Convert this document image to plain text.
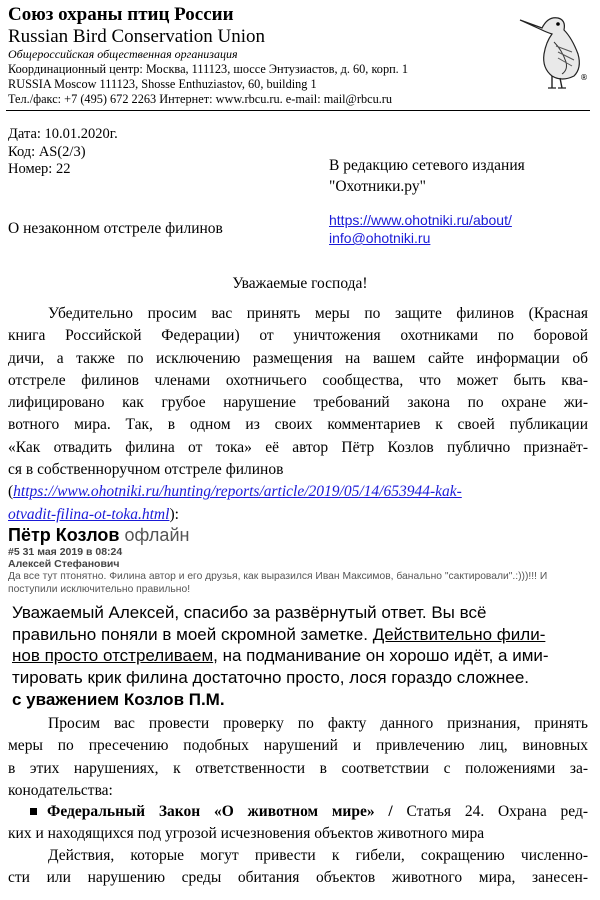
Союз охраны птиц России
Russian Bird Conservation Union
Общероссийская общественная организация
Координационный центр: Москва, 111123, шоссе Энтузиастов, д. 60, корп. 1
RUSSIA Moscow 111123, Shosse Enthuziastov, 60, building 1
Тел./факс: +7 (495) 672 2263 Интернет: www.rbcu.ru. e-mail: mail@rbcu.ru
®
Дата: 10.01.2020г.
Код: AS(2/3)
Номер: 22	В редакцию сетевого издания
"Охотники.ру"
О незаконном отстреле филинов	https://www.ohotniki.ru/about/
info@ohotniki.ru
Уважаемые господа!
Убедительно просим вас принять меры по защите филинов (Красная
книга Российской Федерации) от уничтожения охотниками по боровой
дичи, а также по исключению размещения на вашем сайте информации об
отстреле филинов членами охотничьего сообщества, что может быть ква-
лифицировано как грубое нарушение требований закона по охране жи-
вотного мира. Так, в одном из своих комментариев к своей публикации
«Как отвадить филина от тока» её автор Пётр Козлов публично признаёт-
ся в собственноручном отстреле филинов
(https://www.ohotniki.ru/hunting/reports/article/2019/05/14/653944-kak-
otvadit-filina-ot-toka.html):
Пётр Козлов офлайн
#5 31 мая 2019 в 08:24
Алексей Стефанович
Да все тут птонятно. Филина автор и его друзья, как выразился Иван Максимов, банально "сактировали".:)))!!! И
поступили исключительно правильно!
Уважаемый Алексей, спасибо за развёрнутый ответ. Вы всё
правильно поняли в моей скромной заметке. Действительно фили-
нов просто отстреливаем, на подманивание он хорошо идёт, а ими-
тировать крик филина достаточно просто, лося гораздо сложнее.
с уважением Козлов П.М.
Просим вас провести проверку по факту данного признания, принять
меры по пресечению подобных нарушений и привлечению лиц, виновных
в этих нарушениях, к ответственности в соответствии с положениями за-
конодательства:
Федеральный Закон «О животном мире» / Статья 24. Охрана ред-
ких и находящихся под угрозой исчезновения объектов животного мира
Действия, которые могут привести к гибели, сокращению численно-
сти или нарушению среды обитания объектов животного мира, занесен-
